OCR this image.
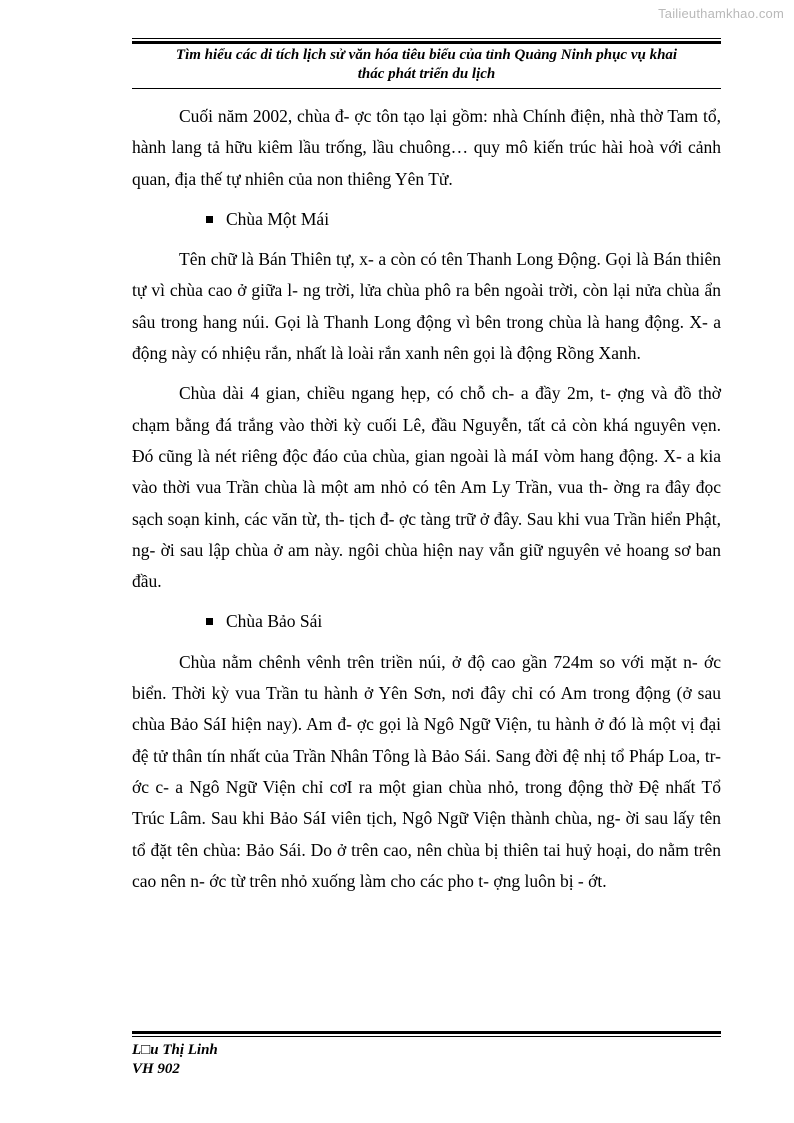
Tailieuthamkhao.com
Tìm hiểu các di tích lịch sử văn hóa tiêu biểu của tỉnh Quảng Ninh phục vụ khai
thác phát triển du lịch

Cuối năm 2002, chùa đ- ợc tôn tạo lại gồm: nhà Chính điện, nhà thờ Tam tổ, hành lang tả hữu kiêm lầu trống, lầu chuông… quy mô kiến trúc hài hoà với cảnh quan, địa thế tự nhiên của non thiêng Yên Tử.

Chùa Một Mái

Tên chữ là Bán Thiên tự, x- a còn có tên Thanh Long Động. Gọi là Bán thiên tự vì chùa cao ở giữa l- ng trời, lửa chùa phô ra bên ngoài trời, còn lại nửa chùa ẩn sâu trong hang núi. Gọi là Thanh Long động vì bên trong chùa là hang động. X- a động này có nhiệu rắn, nhất là loài rắn xanh nên gọi là động Rồng Xanh.

Chùa dài 4 gian, chiều ngang hẹp, có chỗ ch- a đầy 2m, t- ợng và đồ thờ chạm bằng đá trắng vào thời kỳ cuối Lê, đầu Nguyễn, tất cả còn khá nguyên vẹn. Đó cũng là nét riêng độc đáo của chùa, gian ngoài là máI vòm hang động. X- a kia vào thời vua Trần chùa là một am nhỏ có tên Am Ly Trần, vua th- ờng ra đây đọc sạch soạn kinh, các văn từ, th- tịch đ- ợc tàng trữ ở đây. Sau khi vua Trần hiển Phật, ng- ời sau lập chùa ở am này. ngôi chùa hiện nay vẫn giữ nguyên vẻ hoang sơ ban đầu.

Chùa Bảo Sái

Chùa nằm chênh vênh trên triền núi, ở độ cao gần 724m so với mặt n- ớc biển. Thời kỳ vua Trần tu hành ở Yên Sơn, nơi đây chỉ có Am trong động (ở sau chùa Bảo SáI hiện nay). Am đ- ợc gọi là Ngô Ngữ Viện, tu hành ở đó là một vị đại đệ tử thân tín nhất của Trần Nhân Tông là Bảo Sái. Sang đời đệ nhị tổ Pháp Loa, tr- ớc c- a Ngô Ngữ Viện chỉ cơI ra một gian chùa nhỏ, trong động thờ Đệ nhất Tổ Trúc Lâm. Sau khi Bảo SáI viên tịch, Ngô Ngữ Viện thành chùa, ng- ời sau lấy tên tổ đặt tên chùa: Bảo Sái. Do ở trên cao, nên chùa bị thiên tai huỷ hoại, do nằm trên cao nên n- ớc từ trên nhỏ xuống làm cho các pho t- ợng luôn bị - ớt.

L□u Thị Linh
VH 902
